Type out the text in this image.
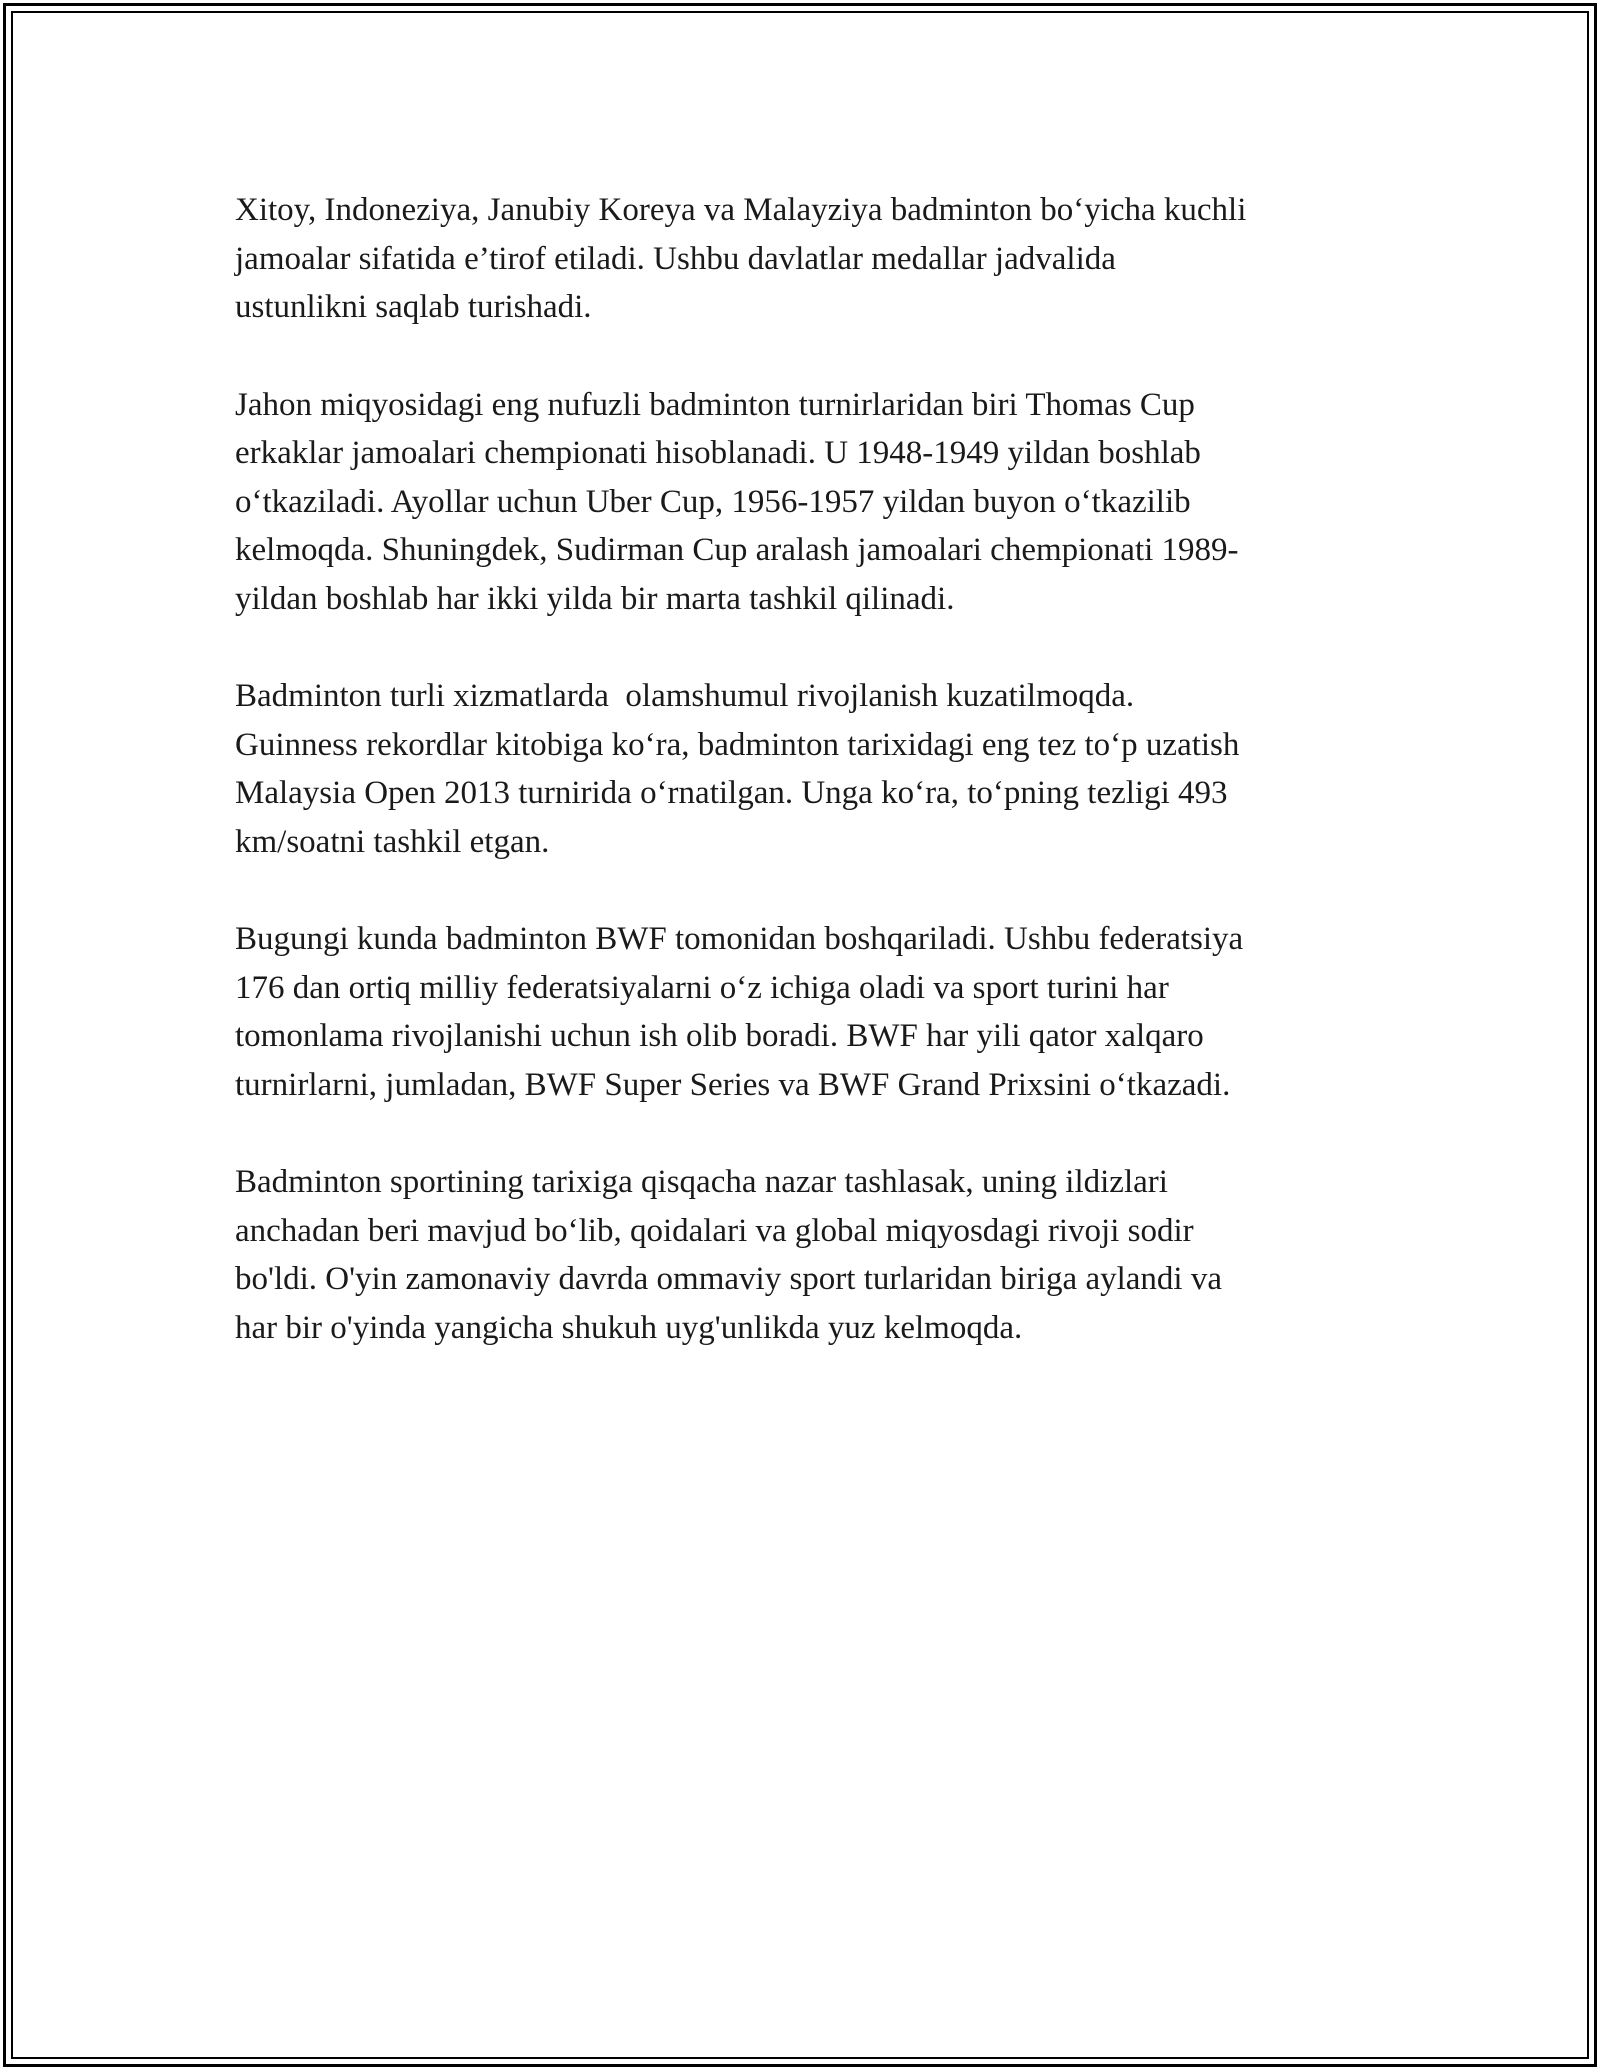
Xitoy, Indoneziya, Janubiy Koreya va Malayziya badminton bo‘yicha kuchli
jamoalar sifatida e’tirof etiladi. Ushbu davlatlar medallar jadvalida
ustunlikni saqlab turishadi.

Jahon miqyosidagi eng nufuzli badminton turnirlaridan biri Thomas Cup
erkaklar jamoalari chempionati hisoblanadi. U 1948-1949 yildan boshlab
o‘tkaziladi. Ayollar uchun Uber Cup, 1956-1957 yildan buyon o‘tkazilib
kelmoqda. Shuningdek, Sudirman Cup aralash jamoalari chempionati 1989-
yildan boshlab har ikki yilda bir marta tashkil qilinadi.

Badminton turli xizmatlarda  olamshumul rivojlanish kuzatilmoqda.
Guinness rekordlar kitobiga ko‘ra, badminton tarixidagi eng tez to‘p uzatish
Malaysia Open 2013 turnirida o‘rnatilgan. Unga ko‘ra, to‘pning tezligi 493
km/soatni tashkil etgan.

Bugungi kunda badminton BWF tomonidan boshqariladi. Ushbu federatsiya
176 dan ortiq milliy federatsiyalarni o‘z ichiga oladi va sport turini har
tomonlama rivojlanishi uchun ish olib boradi. BWF har yili qator xalqaro
turnirlarni, jumladan, BWF Super Series va BWF Grand Prixsini o‘tkazadi.

Badminton sportining tarixiga qisqacha nazar tashlasak, uning ildizlari
anchadan beri mavjud bo‘lib, qoidalari va global miqyosdagi rivoji sodir
bo'ldi. O'yin zamonaviy davrda ommaviy sport turlaridan biriga aylandi va
har bir o'yinda yangicha shukuh uyg'unlikda yuz kelmoqda.
